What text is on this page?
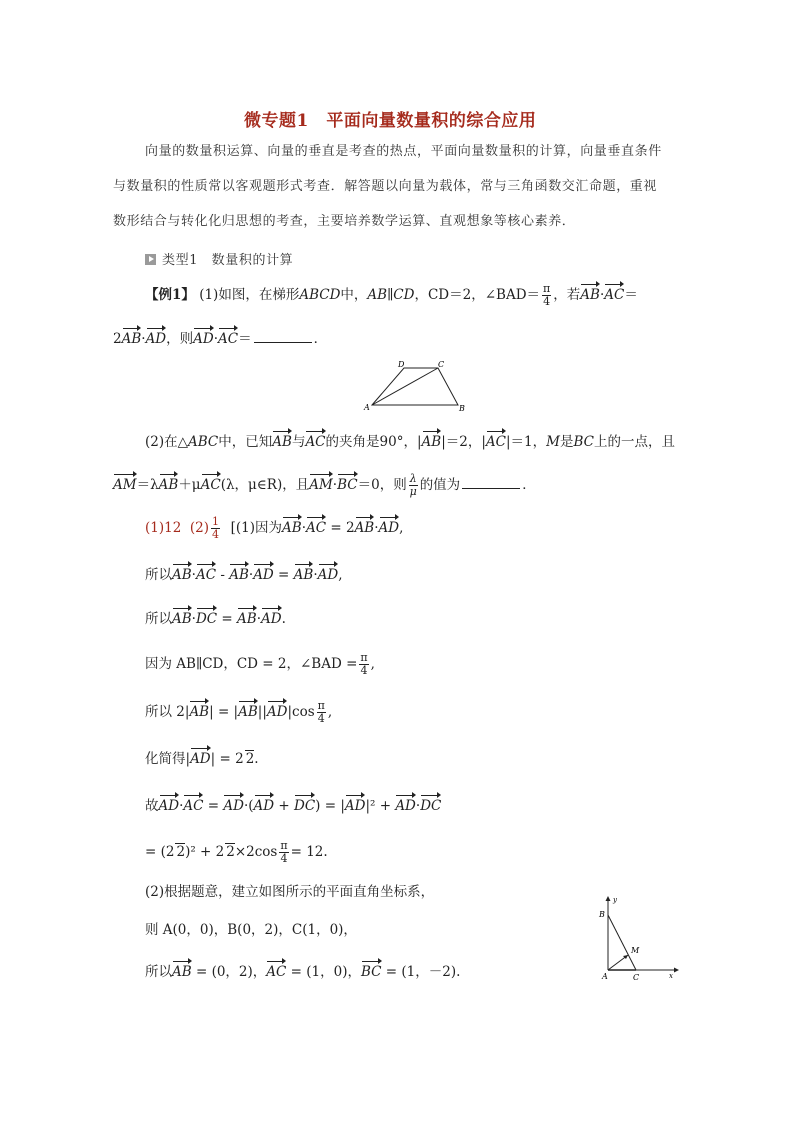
微专题1　平面向量数量积的综合应用
向量的数量积运算、向量的垂直是考查的热点，平面向量数量积的计算，向量垂直条件
与数量积的性质常以客观题形式考查．解答题以向量为载体，常与三角函数交汇命题，重视
数形结合与转化化归思想的考查，主要培养数学运算、直观想象等核心素养．
类型1　数量积的计算
【例1】 (1)如图，在梯形ABCD中，AB∥CD，CD＝2，∠BAD＝ $\frac{\pi}{4}$ ，若AB·AC＝
2AB·AD，则AD·AC＝	．
A	B
C
D
(2)在△ABC中，已知AB与AC的夹角是90°，|AB|＝2，|AC|＝1，M是BC上的一点，且
AM＝λAB＋μAC(λ，μ∈R)，且AM·BC＝0，则 $\frac{\lambda}{\mu}$ 的值为	．
(1)12 $(2) \frac{1}{4} [(1)$因为AB·AC = 2AB·AD,
所以AB·AC - AB·AD = AB·AD,
所以AB·DC = AB·AD.
因为 AB∥CD，CD = 2，∠BAD = $\frac{\pi}{4}$ ,
所以 $2|AB| = |AB||AD|\cos \frac{\pi}{4}$ ,
化简得|AD| = 2 2.
故AD·AC = AD·(AD + DC) = |AD|² + AD·DC
= (2 2)² + 2 $2\times 2\cos \frac{\pi}{4} = 12$.
(2)根据题意，建立如图所示的平面直角坐标系，
则 A(0，0)，B(0，2)，C(1，0)，
所以AB = (0，2)，AC = (1，0)，BC = (1，－2).
y
B
M
A	C	x
